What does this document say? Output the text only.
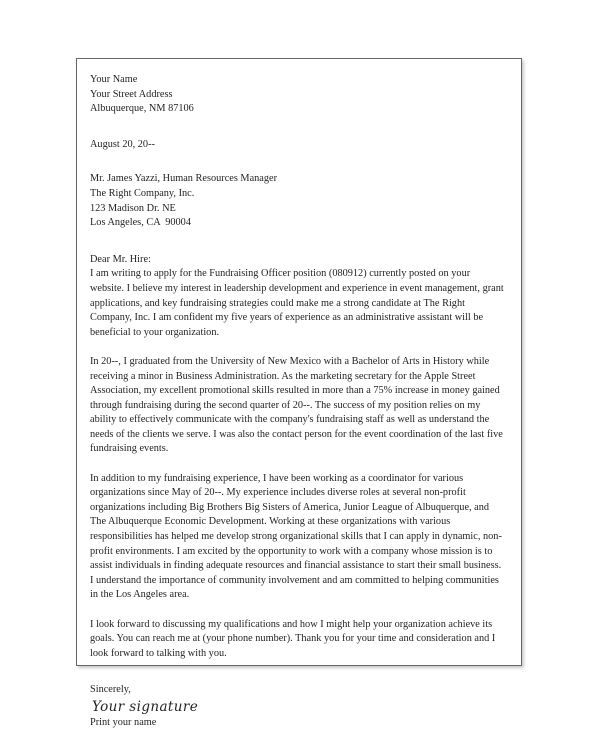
Your Name
Your Street Address
Albuquerque, NM 87106
August 20, 20--
Mr. James Yazzi, Human Resources Manager
The Right Company, Inc.
123 Madison Dr. NE
Los Angeles, CA  90004
Dear Mr. Hire:
I am writing to apply for the Fundraising Officer position (080912) currently posted on your website. I believe my interest in leadership development and experience in event management, grant applications, and key fundraising strategies could make me a strong candidate at The Right Company, Inc. I am confident my five years of experience as an administrative assistant will be beneficial to your organization.
In 20--, I graduated from the University of New Mexico with a Bachelor of Arts in History while receiving a minor in Business Administration. As the marketing secretary for the Apple Street Association, my excellent promotional skills resulted in more than a 75% increase in money gained through fundraising during the second quarter of 20--. The success of my position relies on my ability to effectively communicate with the company's fundraising staff as well as understand the needs of the clients we serve. I was also the contact person for the event coordination of the last five fundraising events.
In addition to my fundraising experience, I have been working as a coordinator for various organizations since May of 20--. My experience includes diverse roles at several non-profit organizations including Big Brothers Big Sisters of America, Junior League of Albuquerque, and The Albuquerque Economic Development. Working at these organizations with various responsibilities has helped me develop strong organizational skills that I can apply in dynamic, non-profit environments. I am excited by the opportunity to work with a company whose mission is to assist individuals in finding adequate resources and financial assistance to start their small business. I understand the importance of community involvement and am committed to helping communities in the Los Angeles area.
I look forward to discussing my qualifications and how I might help your organization achieve its goals. You can reach me at (your phone number). Thank you for your time and consideration and I look forward to talking with you.
Sincerely,
Your signature
Print your name
